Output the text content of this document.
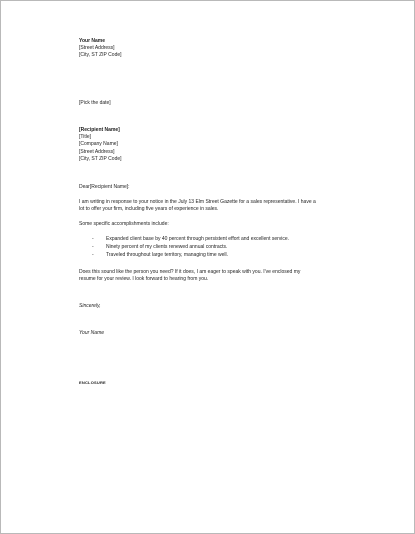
Your Name
[Street Address]
[City, ST ZIP Code]
[Pick the date]
[Recipient Name]
[Title]
[Company Name]
[Street Address]
[City, ST ZIP Code]
Dear[Recipient Name]:
I am writing in response to your notice in the July 13 Elm Street Gazette for a sales representative. I have a
lot to offer your firm, including five years of experience in sales.
Some specific accomplishments include:
- Expanded client base by 40 percent through persistent effort and excellent service.
- Ninety percent of my clients renewed annual contracts.
- Traveled throughout large territory, managing time well.
Does this sound like the person you need? If it does, I am eager to speak with you. I've enclosed my
resume for your review. I look forward to hearing from you.
Sincerely,
Your Name
ENCLOSURE
